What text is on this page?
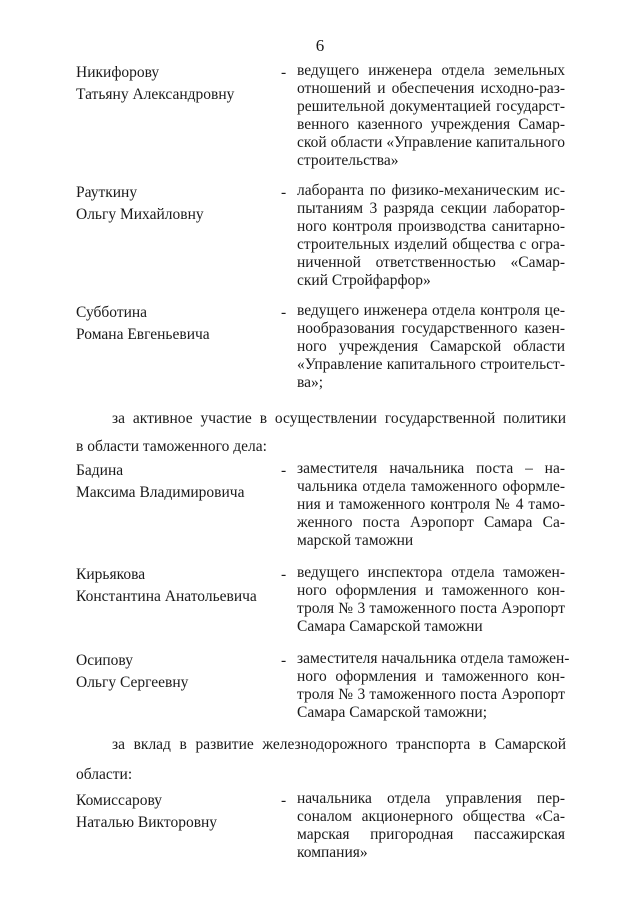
6
Никифорову
Татьяну Александровну
- ведущего инженера отдела земельных
отношений и обеспечения исходно-раз-
решительной документацией государст-
венного казенного учреждения Самар-
ской области «Управление капитального
строительства»
Рауткину
Ольгу Михайловну
- лаборанта по физико-механическим ис-
пытаниям 3 разряда секции лаборатор-
ного контроля производства санитарно-
строительных изделий общества с огра-
ниченной ответственностью «Самар-
ский Стройфарфор»
Субботина
Романа Евгеньевича
- ведущего инженера отдела контроля це-
нообразования государственного казен-
ного учреждения Самарской области
«Управление капитального строительст-
ва»;
за активное участие в осуществлении государственной политики
в области таможенного дела:
Бадина
Максима Владимировича
- заместителя начальника поста – на-
чальника отдела таможенного оформле-
ния и таможенного контроля № 4 тамо-
женного поста Аэропорт Самара Са-
марской таможни
Кирьякова
Константина Анатольевича
- ведущего инспектора отдела таможен-
ного оформления и таможенного кон-
троля № 3 таможенного поста Аэропорт
Самара Самарской таможни
Осипову
Ольгу Сергеевну
- заместителя начальника отдела таможен-
ного оформления и таможенного кон-
троля № 3 таможенного поста Аэропорт
Самара Самарской таможни;
за вклад в развитие железнодорожного транспорта в Самарской
области:
Комиссарову
Наталью Викторовну
- начальника отдела управления пер-
соналом акционерного общества «Са-
марская пригородная пассажирская
компания»
